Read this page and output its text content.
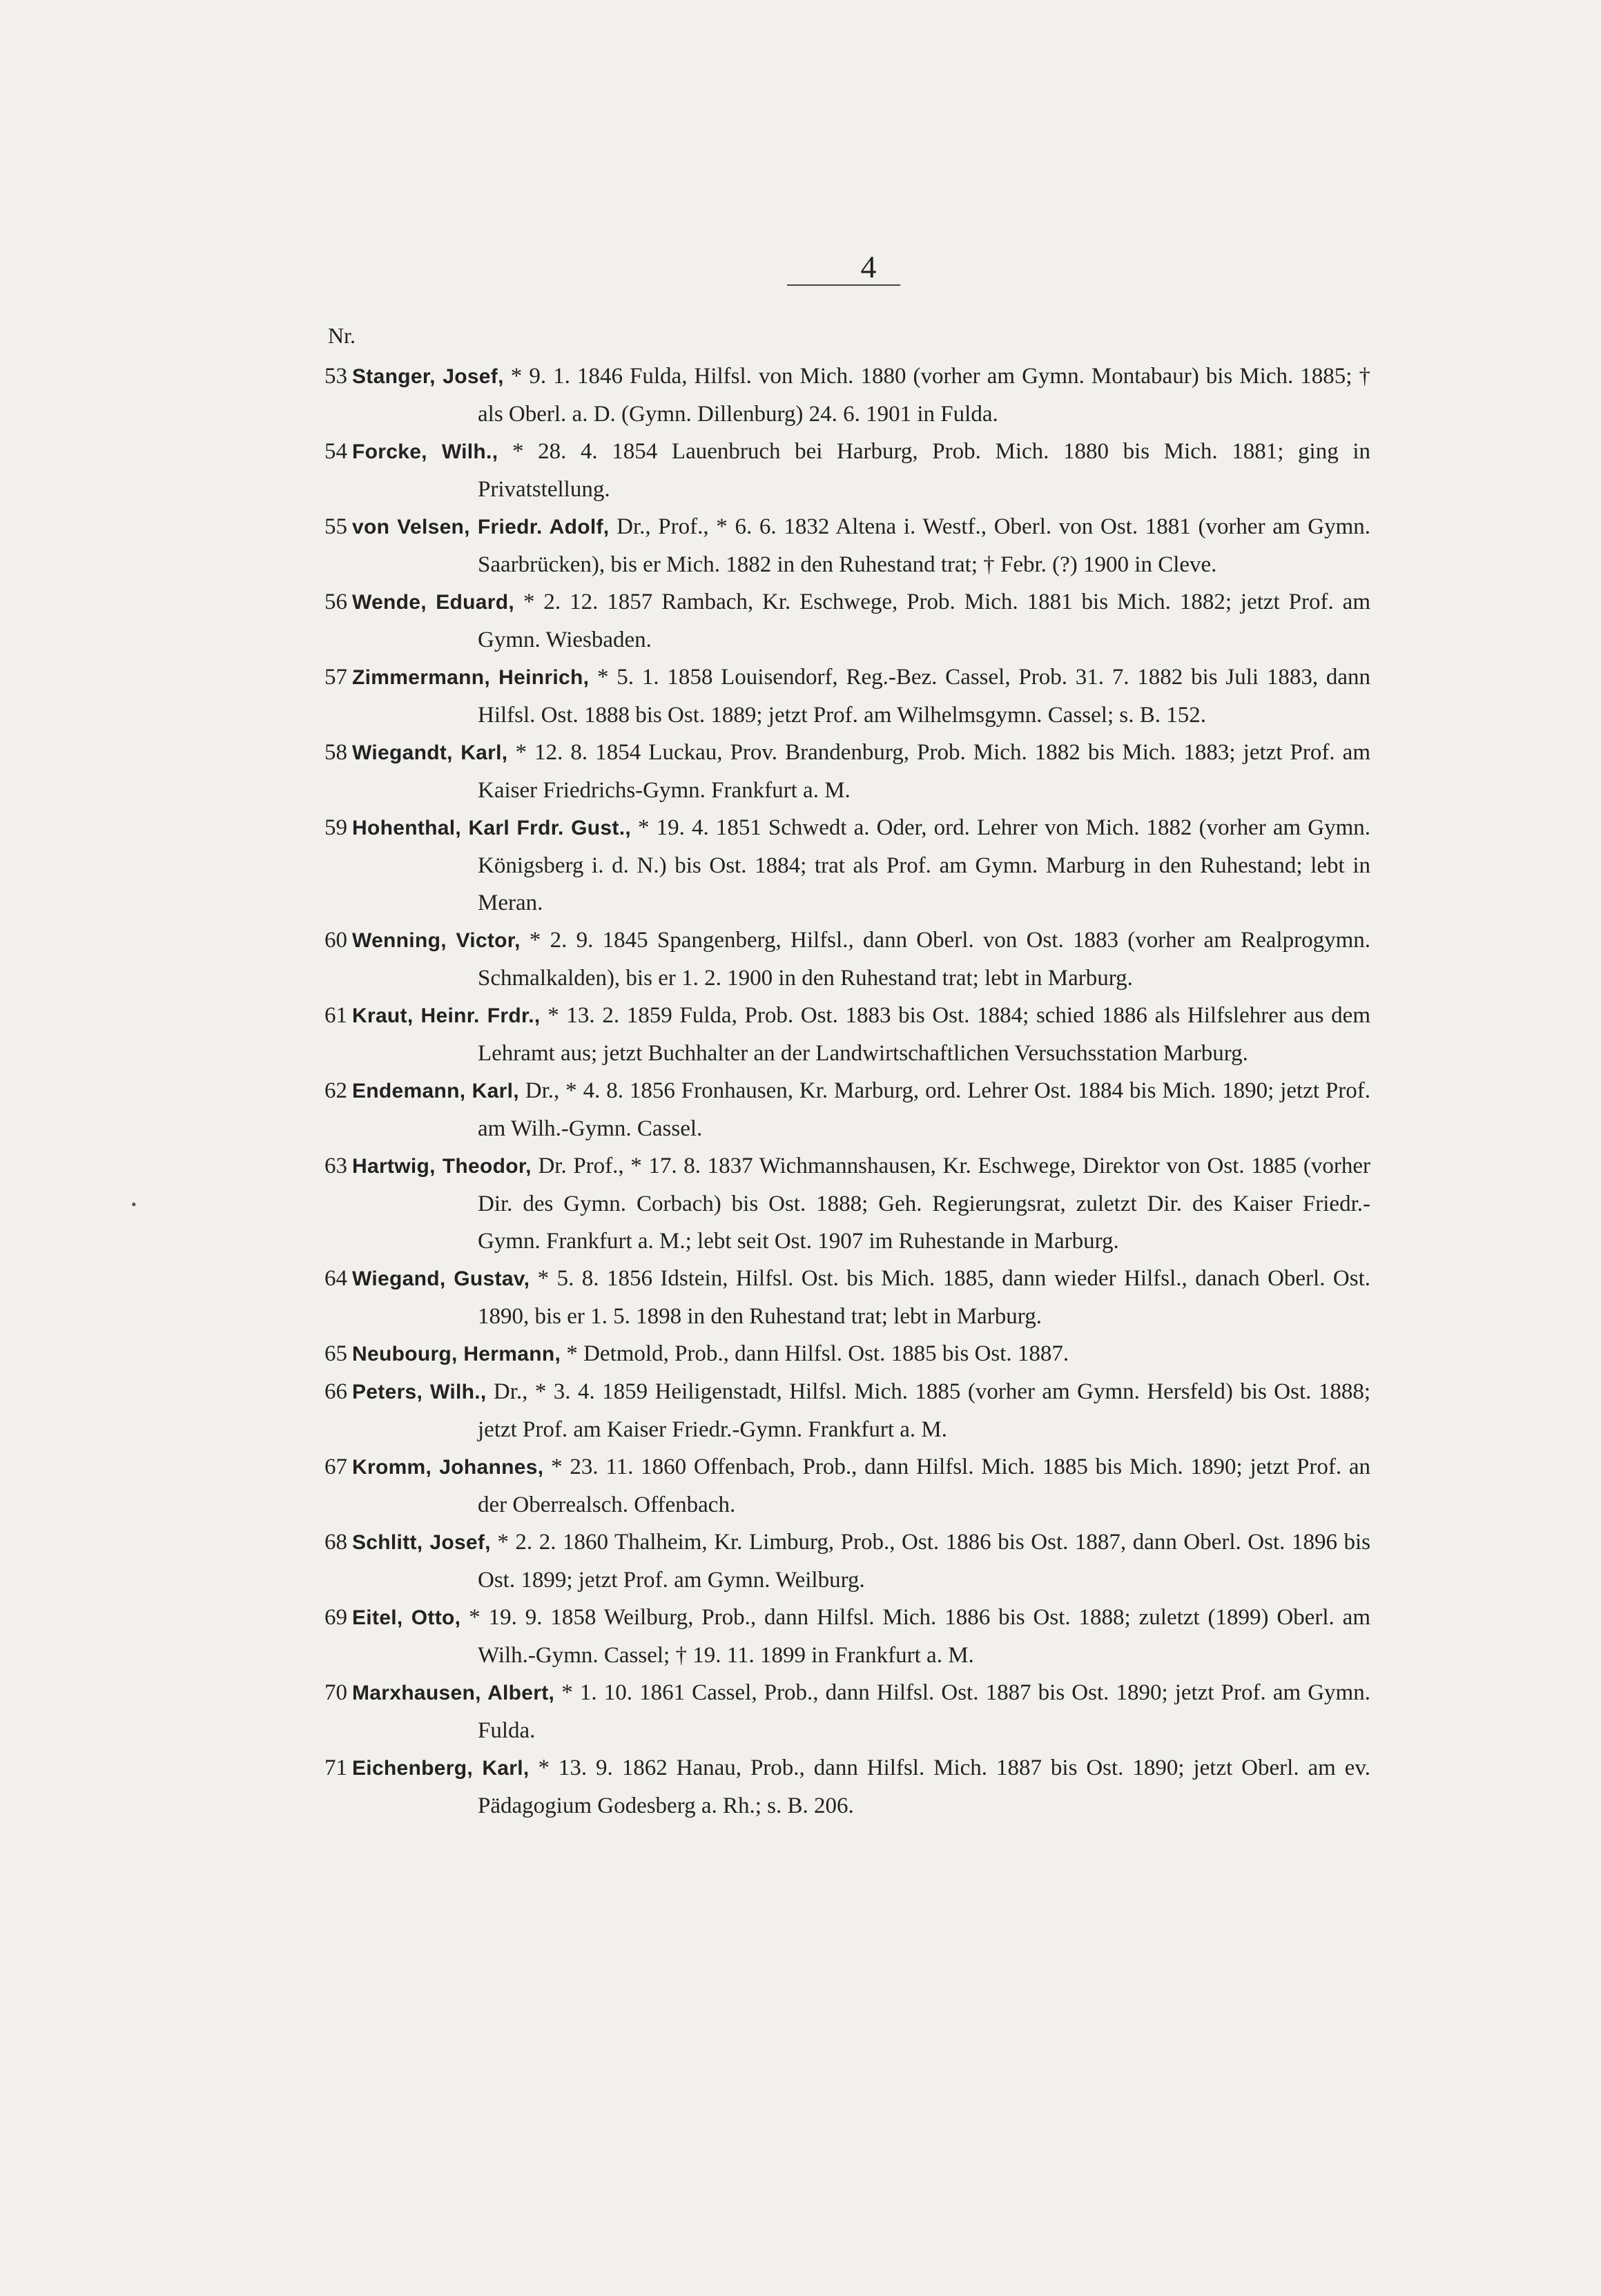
4
Nr.
•
53 Stanger, Josef, * 9. 1. 1846 Fulda, Hilfsl. von Mich. 1880 (vorher am Gymn. Montabaur) bis Mich. 1885; † als Oberl. a. D. (Gymn. Dillenburg) 24. 6. 1901 in Fulda.
54 Forcke, Wilh., * 28. 4. 1854 Lauenbruch bei Harburg, Prob. Mich. 1880 bis Mich. 1881; ging in Privatstellung.
55 von Velsen, Friedr. Adolf, Dr., Prof., * 6. 6. 1832 Altena i. Westf., Oberl. von Ost. 1881 (vorher am Gymn. Saarbrücken), bis er Mich. 1882 in den Ruhestand trat; † Febr. (?) 1900 in Cleve.
56 Wende, Eduard, * 2. 12. 1857 Rambach, Kr. Eschwege, Prob. Mich. 1881 bis Mich. 1882; jetzt Prof. am Gymn. Wiesbaden.
57 Zimmermann, Heinrich, * 5. 1. 1858 Louisendorf, Reg.-Bez. Cassel, Prob. 31. 7. 1882 bis Juli 1883, dann Hilfsl. Ost. 1888 bis Ost. 1889; jetzt Prof. am Wilhelmsgymn. Cassel; s. B. 152.
58 Wiegandt, Karl, * 12. 8. 1854 Luckau, Prov. Brandenburg, Prob. Mich. 1882 bis Mich. 1883; jetzt Prof. am Kaiser Friedrichs-Gymn. Frankfurt a. M.
59 Hohenthal, Karl Frdr. Gust., * 19. 4. 1851 Schwedt a. Oder, ord. Lehrer von Mich. 1882 (vorher am Gymn. Königsberg i. d. N.) bis Ost. 1884; trat als Prof. am Gymn. Marburg in den Ruhestand; lebt in Meran.
60 Wenning, Victor, * 2. 9. 1845 Spangenberg, Hilfsl., dann Oberl. von Ost. 1883 (vorher am Realprogymn. Schmalkalden), bis er 1. 2. 1900 in den Ruhestand trat; lebt in Marburg.
61 Kraut, Heinr. Frdr., * 13. 2. 1859 Fulda, Prob. Ost. 1883 bis Ost. 1884; schied 1886 als Hilfslehrer aus dem Lehramt aus; jetzt Buchhalter an der Landwirtschaftlichen Versuchsstation Marburg.
62 Endemann, Karl, Dr., * 4. 8. 1856 Fronhausen, Kr. Marburg, ord. Lehrer Ost. 1884 bis Mich. 1890; jetzt Prof. am Wilh.-Gymn. Cassel.
63 Hartwig, Theodor, Dr. Prof., * 17. 8. 1837 Wichmannshausen, Kr. Eschwege, Direktor von Ost. 1885 (vorher Dir. des Gymn. Corbach) bis Ost. 1888; Geh. Regierungsrat, zuletzt Dir. des Kaiser Friedr.-Gymn. Frankfurt a. M.; lebt seit Ost. 1907 im Ruhestande in Marburg.
64 Wiegand, Gustav, * 5. 8. 1856 Idstein, Hilfsl. Ost. bis Mich. 1885, dann wieder Hilfsl., danach Oberl. Ost. 1890, bis er 1. 5. 1898 in den Ruhestand trat; lebt in Marburg.
65 Neubourg, Hermann, * Detmold, Prob., dann Hilfsl. Ost. 1885 bis Ost. 1887.
66 Peters, Wilh., Dr., * 3. 4. 1859 Heiligenstadt, Hilfsl. Mich. 1885 (vorher am Gymn. Hersfeld) bis Ost. 1888; jetzt Prof. am Kaiser Friedr.-Gymn. Frankfurt a. M.
67 Kromm, Johannes, * 23. 11. 1860 Offenbach, Prob., dann Hilfsl. Mich. 1885 bis Mich. 1890; jetzt Prof. an der Oberrealsch. Offenbach.
68 Schlitt, Josef, * 2. 2. 1860 Thalheim, Kr. Limburg, Prob., Ost. 1886 bis Ost. 1887, dann Oberl. Ost. 1896 bis Ost. 1899; jetzt Prof. am Gymn. Weilburg.
69 Eitel, Otto, * 19. 9. 1858 Weilburg, Prob., dann Hilfsl. Mich. 1886 bis Ost. 1888; zuletzt (1899) Oberl. am Wilh.-Gymn. Cassel; † 19. 11. 1899 in Frankfurt a. M.
70 Marxhausen, Albert, * 1. 10. 1861 Cassel, Prob., dann Hilfsl. Ost. 1887 bis Ost. 1890; jetzt Prof. am Gymn. Fulda.
71 Eichenberg, Karl, * 13. 9. 1862 Hanau, Prob., dann Hilfsl. Mich. 1887 bis Ost. 1890; jetzt Oberl. am ev. Pädagogium Godesberg a. Rh.; s. B. 206.
